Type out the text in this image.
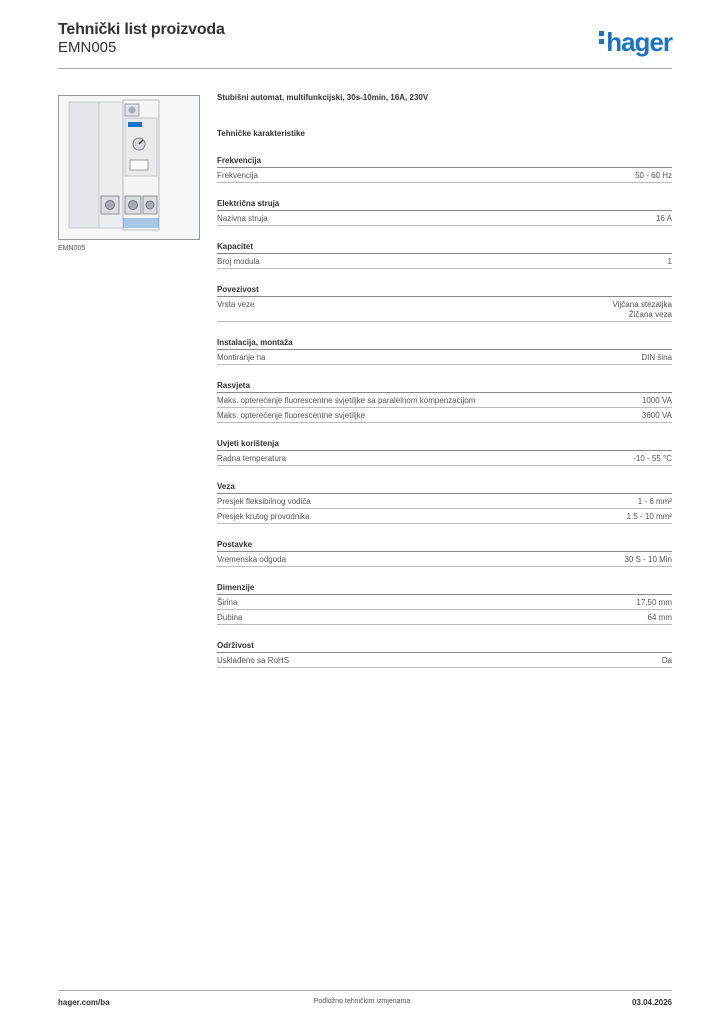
Tehnički list proizvoda
EMN005	hager
EMN005
Stubišni automat, multifunkcijski, 30s-10min, 16A, 230V
Tehničke karakteristike
Frekvencija
Frekvencija	50 - 60 Hz
Električna struja
Nazivna struja	16 A
Kapacitet
Broj modula	1
Povezivost
Vrsta veze	Vijčana stezaljka
Žičana veza
Instalacija, montaža
Montiranje na	DIN šina
Rasvjeta
Maks. opterećenje fluorescentne svjetiljke sa paralelnom kompenzacijom	1000 VA
Maks. opterećenje fluorescentne svjetiljke	3600 VA
Uvjeti korištenja
Radna temperatura	-10 - 55 °C
Veza
Presjek fleksibilnog vodiča	1 - 6 mm²
Presjek krutog provodnika	1.5 - 10 mm²
Postavke
Vremenska odgoda	30 S - 10 Min
Dimenzije
Širina	17,50 mm
Dubina	64 mm
Održivost
Usklađeno sa RoHS	Da
hager.com/ba	Podložno tehničkim izmjenama	03.04.2026
